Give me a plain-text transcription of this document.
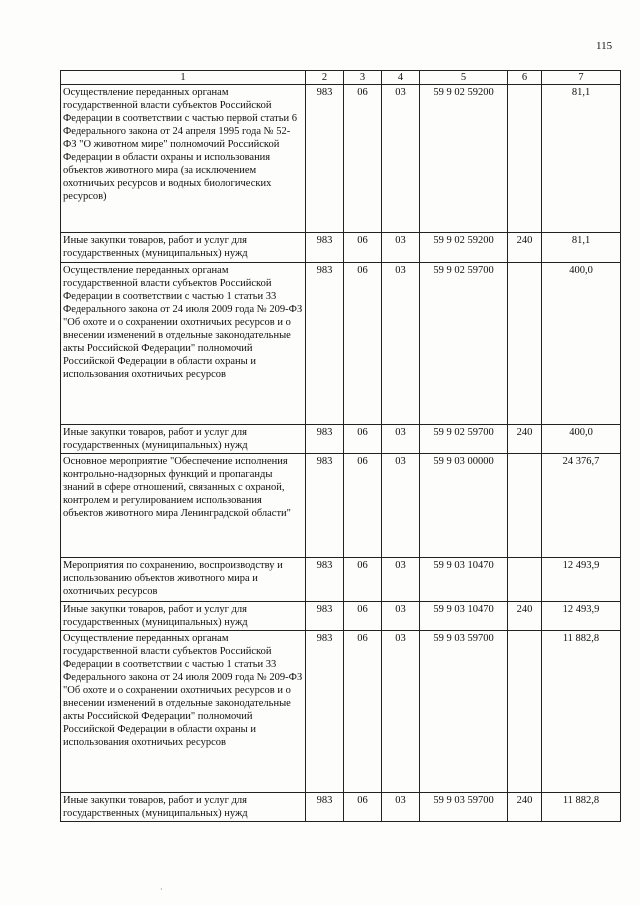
115
1	2	3	4	5	6	7
Осуществление переданных органам государственной власти субъектов Российской Федерации в соответствии с частью первой статьи 6 Федерального закона от 24 апреля 1995 года № 52-ФЗ "О животном мире" полномочий Российской Федерации в области охраны и использования объектов животного мира (за исключением охотничьих ресурсов и водных биологических ресурсов)	983	06	03	59 9 02 59200		81,1
Иные закупки товаров, работ и услуг для государственных (муниципальных) нужд	983	06	03	59 9 02 59200	240	81,1
Осуществление переданных органам государственной власти субъектов Российской Федерации в соответствии с частью 1 статьи 33 Федерального закона от 24 июля 2009 года № 209-ФЗ "Об охоте и о сохранении охотничьих ресурсов и о внесении изменений в отдельные законодательные акты Российской Федерации" полномочий Российской Федерации в области охраны и использования охотничьих ресурсов	983	06	03	59 9 02 59700		400,0
Иные закупки товаров, работ и услуг для государственных (муниципальных) нужд	983	06	03	59 9 02 59700	240	400,0
Основное мероприятие "Обеспечение исполнения контрольно-надзорных функций и пропаганды знаний в сфере отношений, связанных с охраной, контролем и регулированием использования объектов животного мира Ленинградской области"	983	06	03	59 9 03 00000		24 376,7
Мероприятия по сохранению, воспроизводству и использованию объектов животного мира и охотничьих ресурсов	983	06	03	59 9 03 10470		12 493,9
Иные закупки товаров, работ и услуг для государственных (муниципальных) нужд	983	06	03	59 9 03 10470	240	12 493,9
Осуществление переданных органам государственной власти субъектов Российской Федерации в соответствии с частью 1 статьи 33 Федерального закона от 24 июля 2009 года № 209-ФЗ "Об охоте и о сохранении охотничьих ресурсов и о внесении изменений в отдельные законодательные акты Российской Федерации" полномочий Российской Федерации в области охраны и использования охотничьих ресурсов	983	06	03	59 9 03 59700		11 882,8
Иные закупки товаров, работ и услуг для государственных (муниципальных) нужд	983	06	03	59 9 03 59700	240	11 882,8
·
